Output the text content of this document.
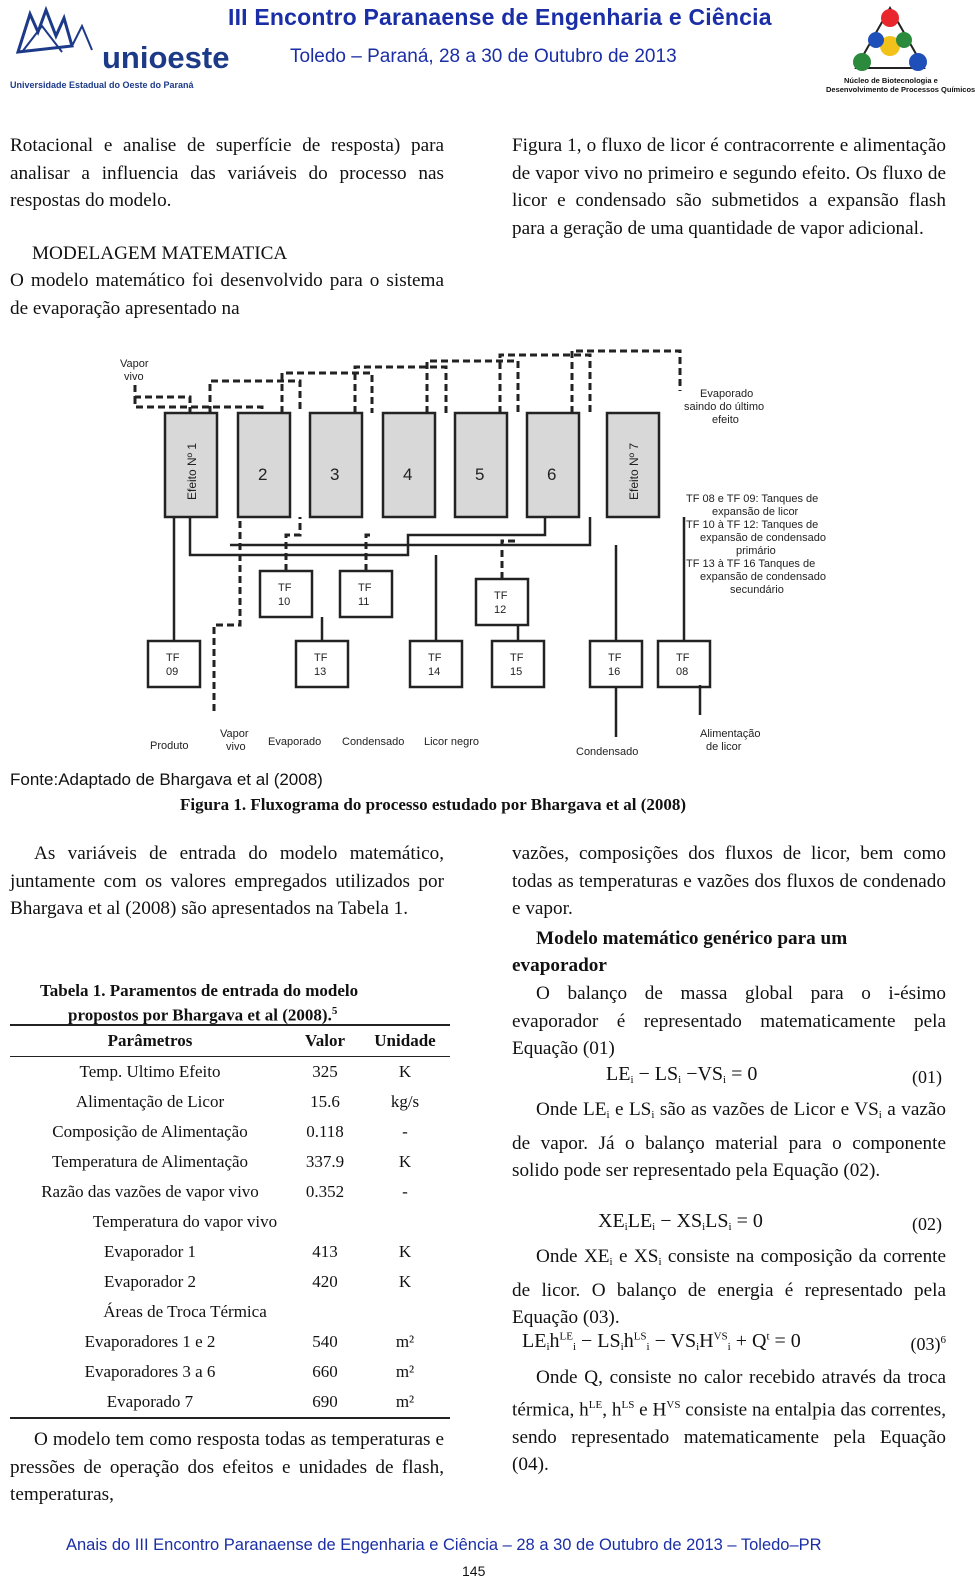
unioeste
Universidade Estadual do Oeste do Paraná
III Encontro Paranaense de Engenharia e Ciência
Toledo – Paraná, 28 a 30 de Outubro de 2013
Núcleo de Biotecnologia e
Desenvolvimento de Processos Químicos

Rotacional e analise de superfície de resposta) para analisar a influencia das variáveis do processo nas respostas do modelo.

MODELAGEM MATEMATICA

O modelo matemático foi desenvolvido para o sistema de evaporação apresentado na

Figura 1, o fluxo de licor é contracorrente e alimentação de vapor vivo no primeiro e segundo efeito. Os fluxo de licor e condensado são submetidos a expansão flash para a geração de uma quantidade de vapor adicional.

Vapor
vivo
Efeito Nº 1	Efeito Nº 7
2	3	4	5	6
Evaporado
saindo do último
efeito
TF 08 e TF 09: Tanques de
expansão de licor
TF 10 à TF 12: Tanques de
expansão de condensado
primário
TF 13 à TF 16 Tanques de
expansão de condensado
secundário
TF
09
TF
10
TF
11	TF
12
TF
13
TF
14
TF
15
TF
16
TF
08
Produto
Vapor
vivo Evaporado Condensado Licor negro
Condensado
Alimentação
de licor
Fonte:Adaptado de Bhargava et al (2008)
Figura 1. Fluxograma do processo estudado por Bhargava et al (2008)

As variáveis de entrada do modelo matemático, juntamente com os valores empregados utilizados por Bhargava et al (2008) são apresentados na Tabela 1.

Tabela 1. Paramentos de entrada do modelo
propostos por Bhargava et al (2008).$^5$
Parâmetros	Valor	Unidade
Temp. Ultimo Efeito	325	K
Alimentação de Licor	15.6	kg/s
Composição de Alimentação	0.118	-
Temperatura de Alimentação	337.9	K
Razão das vazões de vapor vivo	0.352	-
Temperatura do vapor vivo		
Evaporador 1	413	K
Evaporador 2	420	K
Áreas de Troca Térmica		
Evaporadores 1 e 2	540	m²
Evaporadores 3 a 6	660	m²
Evaporado 7	690	m²

O modelo tem como resposta todas as temperaturas e pressões de operação dos efeitos e unidades de flash, temperaturas,

vazões, composições dos fluxos de licor, bem como todas as temperaturas e vazões dos fluxos de condenado e vapor.

Modelo matemático genérico para um evaporador

O balanço de massa global para o i-ésimo evaporador é representado matematicamente pela Equação (01)

$LE_i - LS_i -VS_i = 0$	(01)

Onde $LE_i$ e $LS_i$ são as vazões de Licor e $VS_i$ a vazão de vapor. Já o balanço material para o componente solido pode ser representado pela Equação (02).

$XE_iLE_i - XS_iLS_i = 0$	(02)

Onde $XE_i$ e $XS_i$ consiste na composição da corrente de licor. O balanço de energia é representado pela Equação (03).

$LE_ih^{LE}_i - LS_ih^{LS}_i - VS_iH^{VS}_i + Q^t = 0$	$(03)^6$

Onde Q, consiste no calor recebido através da troca térmica, $h^{LE}$, $h^{LS}$ e $H^{VS}$ consiste na entalpia das correntes, sendo representado matematicamente pela Equação (04).

Anais do III Encontro Paranaense de Engenharia e Ciência – 28 a 30 de Outubro de 2013 – Toledo–PR
145
